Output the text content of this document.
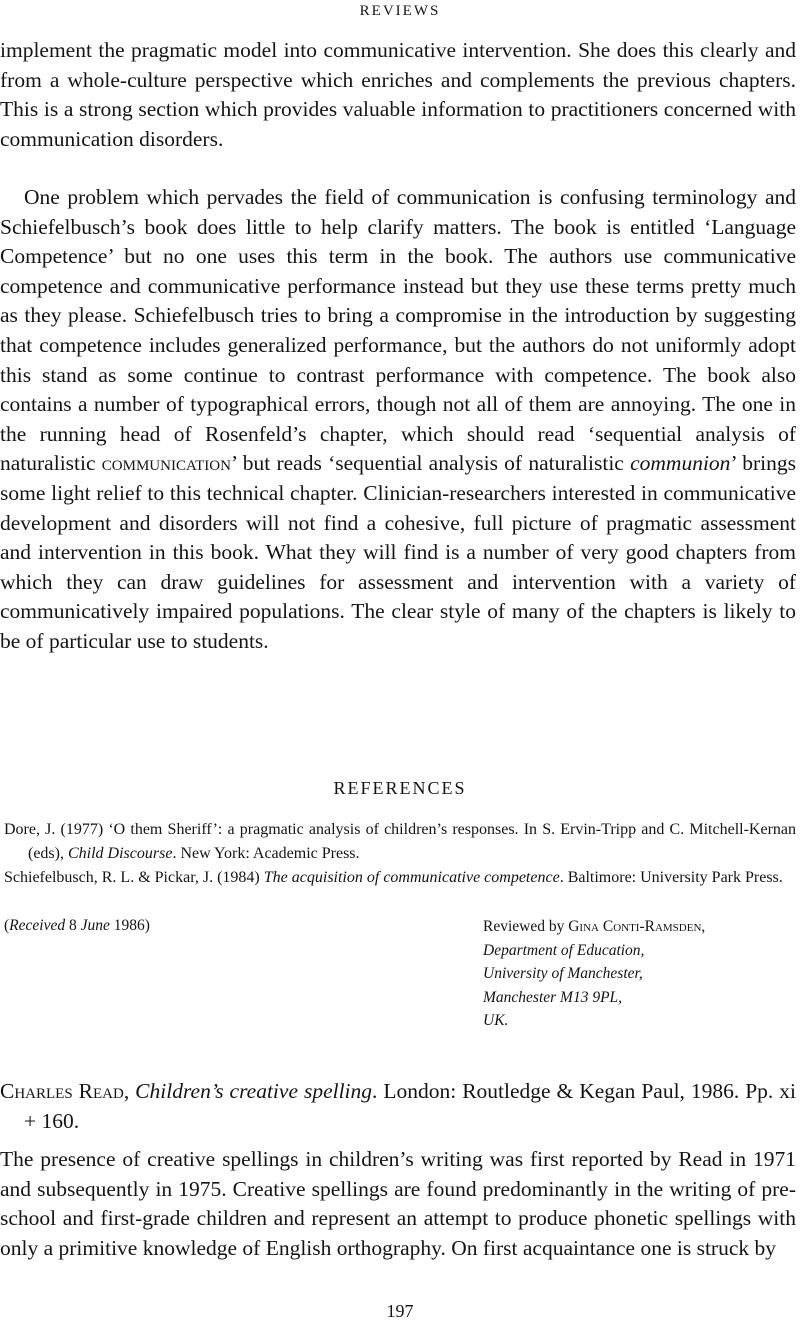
REVIEWS

implement the pragmatic model into communicative intervention. She does this clearly and from a whole-culture perspective which enriches and complements the previous chapters. This is a strong section which provides valuable information to practitioners concerned with communication disorders.

One problem which pervades the field of communication is confusing terminology and Schiefelbusch’s book does little to help clarify matters. The book is entitled ‘Language Competence’ but no one uses this term in the book. The authors use communicative competence and communicative performance instead but they use these terms pretty much as they please. Schiefelbusch tries to bring a compromise in the introduction by suggesting that competence includes generalized performance, but the authors do not uniformly adopt this stand as some continue to contrast performance with competence. The book also contains a number of typographical errors, though not all of them are annoying. The one in the running head of Rosenfeld’s chapter, which should read ‘sequential analysis of naturalistic communication’ but reads ‘sequential analysis of naturalistic communion’ brings some light relief to this technical chapter. Clinician-researchers interested in communicative development and disorders will not find a cohesive, full picture of pragmatic assessment and intervention in this book. What they will find is a number of very good chapters from which they can draw guidelines for assessment and intervention with a variety of communicatively impaired populations. The clear style of many of the chapters is likely to be of particular use to students.

REFERENCES

Dore, J. (1977) ‘O them Sheriff’: a pragmatic analysis of children’s responses. In S. Ervin-Tripp and C. Mitchell-Kernan (eds), Child Discourse. New York: Academic Press.

Schiefelbusch, R. L. & Pickar, J. (1984) The acquisition of communicative competence. Baltimore: University Park Press.

(Received 8 June 1986)	Reviewed by Gina Conti-Ramsden,
Department of Education,
University of Manchester,
Manchester M13 9PL,
UK.

Charles Read, Children’s creative spelling. London: Routledge & Kegan Paul, 1986. Pp. xi + 160.

The presence of creative spellings in children’s writing was first reported by Read in 1971 and subsequently in 1975. Creative spellings are found predominantly in the writing of pre-school and first-grade children and represent an attempt to produce phonetic spellings with only a primitive knowledge of English orthography. On first acquaintance one is struck by

197
